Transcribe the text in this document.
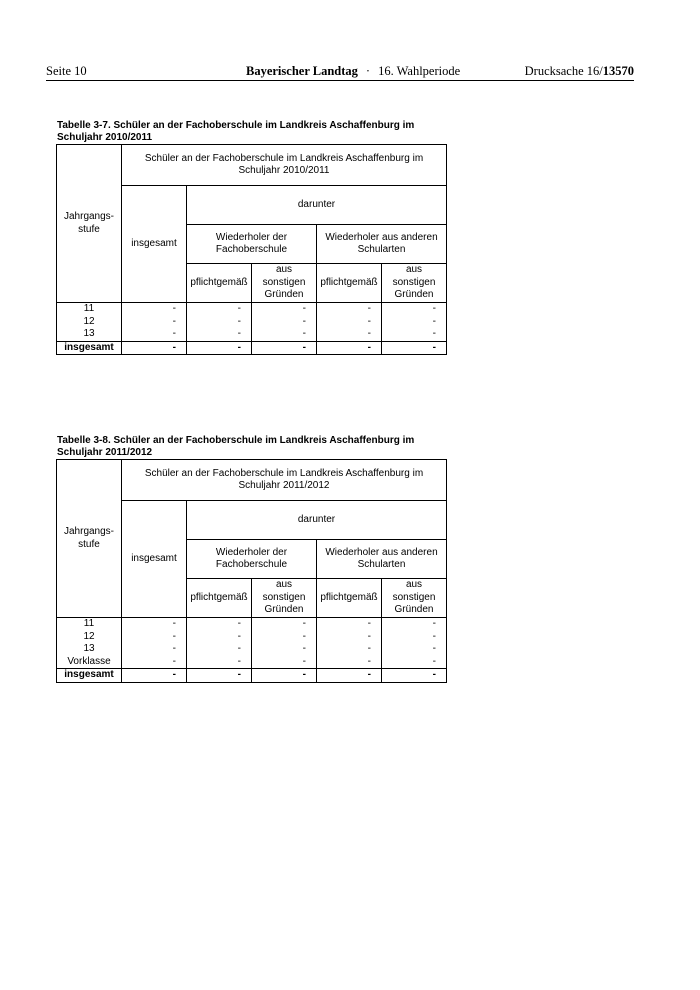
Seite 10	Bayerischer Landtag · 16. Wahlperiode	Drucksache 16/13570
Tabelle 3-7. Schüler an der Fachoberschule im Landkreis Aschaffenburg im
Schuljahr 2010/2011
Jahrgangs-
stufe	Schüler an der Fachoberschule im Landkreis Aschaffenburg im Schuljahr 2010/2011				
	insgesamt	darunter			
		Wiederholer der Fachoberschule		Wiederholer aus anderen Schularten	
		pflichtgemäß	aus sonstigen Gründen	pflichtgemäß	aus sonstigen Gründen
11	-	-	-	-	-
12	-	-	-	-	-
13	-	-	-	-	-
insgesamt	-	-	-	-	-
Tabelle 3-8. Schüler an der Fachoberschule im Landkreis Aschaffenburg im
Schuljahr 2011/2012
Jahrgangs-
stufe	Schüler an der Fachoberschule im Landkreis Aschaffenburg im Schuljahr 2011/2012				
	insgesamt	darunter			
		Wiederholer der Fachoberschule		Wiederholer aus anderen Schularten	
		pflichtgemäß	aus sonstigen Gründen	pflichtgemäß	aus sonstigen Gründen
11	-	-	-	-	-
12	-	-	-	-	-
13	-	-	-	-	-
Vorklasse	-	-	-	-	-
insgesamt	-	-	-	-	-
